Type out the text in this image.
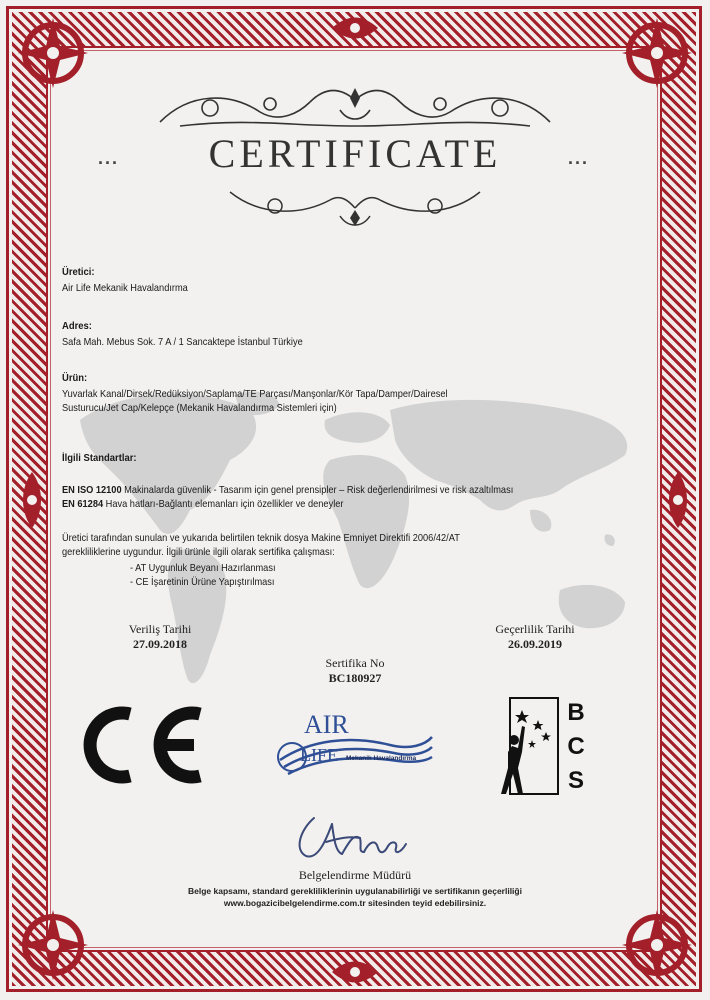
...	CERTIFICATE	...
Üretici:
Air Life Mekanik Havalandırma
Adres:
Safa Mah. Mebus Sok. 7 A / 1 Sancaktepe İstanbul Türkiye
Ürün:
Yuvarlak Kanal/Dirsek/Redüksiyon/Saplama/TE Parçası/Manşonlar/Kör Tapa/Damper/Dairesel
Susturucu/Jet Cap/Kelepçe (Mekanik Havalandırma Sistemleri için)
İlgili Standartlar:
EN ISO 12100 Makinalarda güvenlik - Tasarım için genel prensipler – Risk değerlendirilmesi ve risk azaltılması
EN 61284 Hava hatları-Bağlantı elemanları için özellikler ve deneyler
Üretici tarafından sunulan ve yukarıda belirtilen teknik dosya Makine Emniyet Direktifi 2006/42/AT
gerekliliklerine uygundur. İlgili ürünle ilgili olarak sertifika çalışması:
- AT Uygunluk Beyanı Hazırlanması
- CE İşaretinin Ürüne Yapıştırılması
Veriliş Tarihi
27.09.2018
Geçerlilik Tarihi
26.09.2019
Sertifika No
BC180927
CE
AIR
LIFE Mekanik Havalandırma
B
C
S
Belgelendirme Müdürü
Belge kapsamı, standard gerekliliklerinin uygulanabilirliği ve sertifikanın geçerliliği
www.bogazicibelgelendirme.com.tr sitesinden teyid edebilirsiniz.
